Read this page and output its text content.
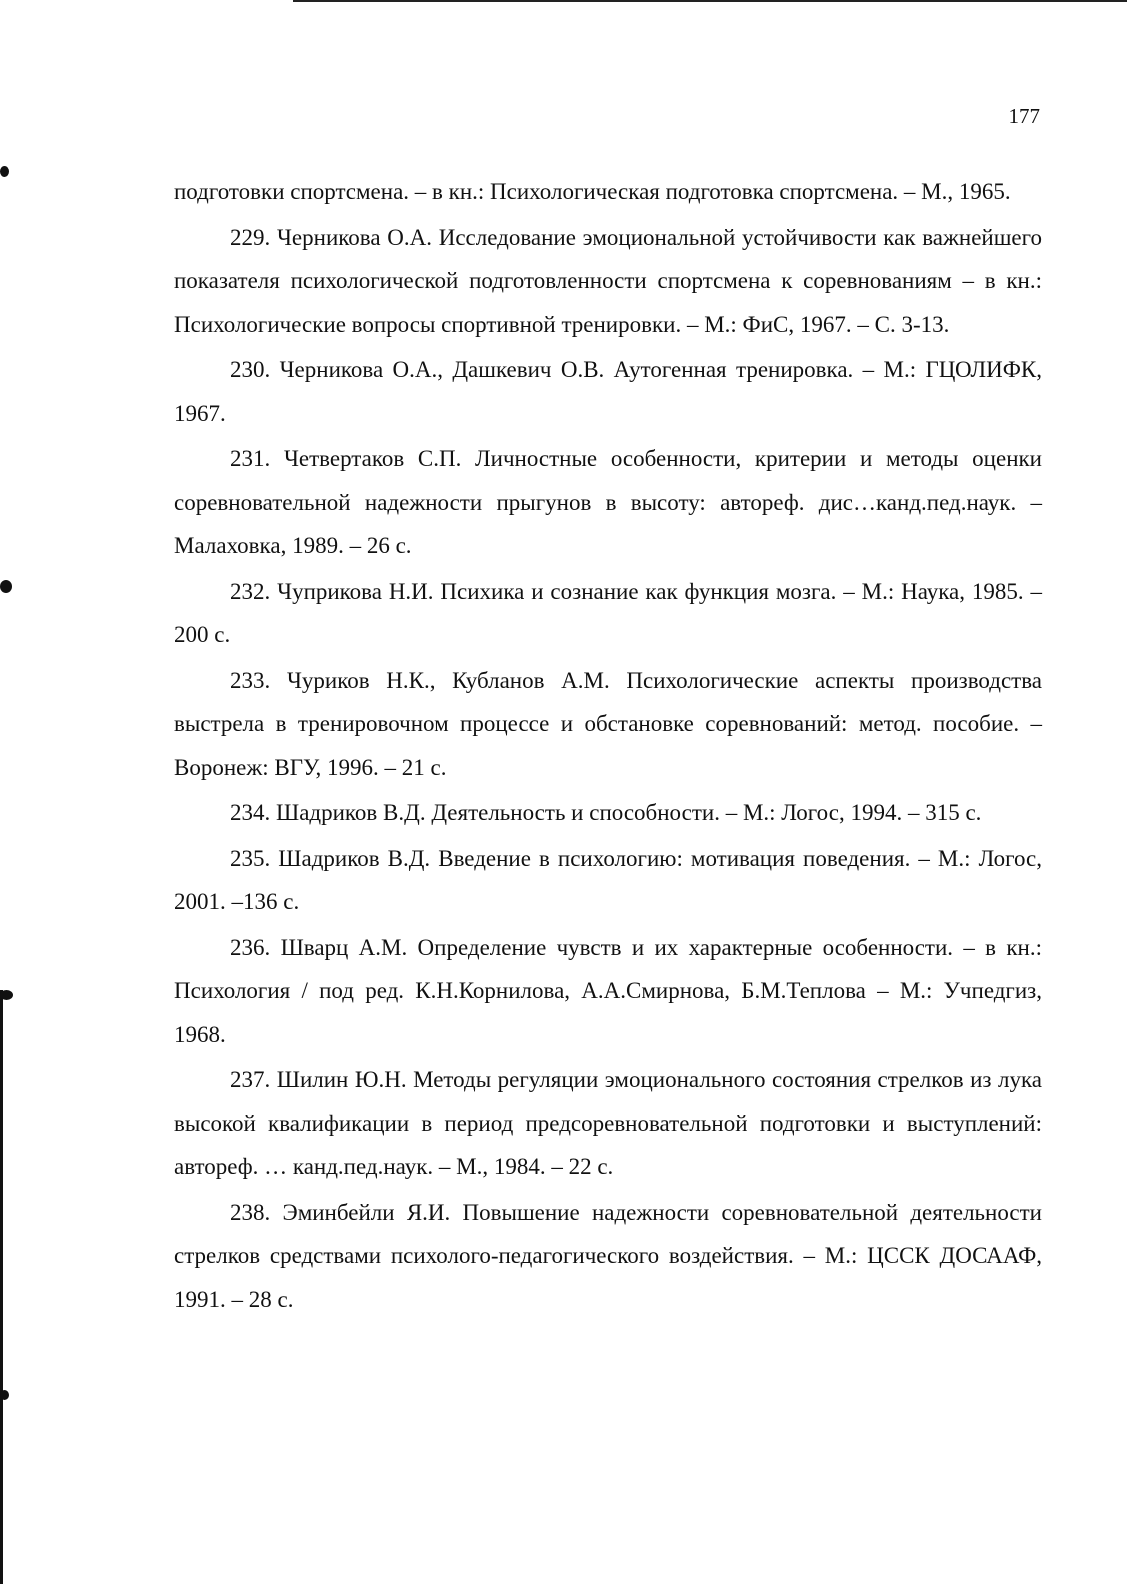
177

подготовки спортсмена. – в кн.: Психологическая подготовка спортсмена. – М., 1965.

229. Черникова О.А. Исследование эмоциональной устойчивости как важнейшего показателя психологической подготовленности спортсмена к соревнованиям – в кн.: Психологические вопросы спортивной тренировки. – М.: ФиС, 1967. – С. 3-13.

230. Черникова О.А., Дашкевич О.В. Аутогенная тренировка. – М.: ГЦОЛИФК, 1967.

231. Четвертаков С.П. Личностные особенности, критерии и методы оценки соревновательной надежности прыгунов в высоту: автореф. дис…канд.пед.наук. – Малаховка, 1989. – 26 с.

232. Чуприкова Н.И. Психика и сознание как функция мозга. – М.: Наука, 1985. – 200 с.

233. Чуриков Н.К., Кубланов А.М. Психологические аспекты производства выстрела в тренировочном процессе и обстановке соревнований: метод. пособие. – Воронеж: ВГУ, 1996. – 21 с.

234. Шадриков В.Д. Деятельность и способности. – М.: Логос, 1994. – 315 с.

235. Шадриков В.Д. Введение в психологию: мотивация поведения. – М.: Логос, 2001. –136 с.

236. Шварц А.М. Определение чувств и их характерные особенности. – в кн.: Психология / под ред. К.Н.Корнилова, А.А.Смирнова, Б.М.Теплова – М.: Учпедгиз, 1968.

237. Шилин Ю.Н. Методы регуляции эмоционального состояния стрелков из лука высокой квалификации в период предсоревновательной подготовки и выступлений: автореф. … канд.пед.наук. – М., 1984. – 22 с.

238. Эминбейли Я.И. Повышение надежности соревновательной деятельности стрелков средствами психолого-педагогического воздействия. – М.: ЦССК ДОСААФ, 1991. – 28 с.
